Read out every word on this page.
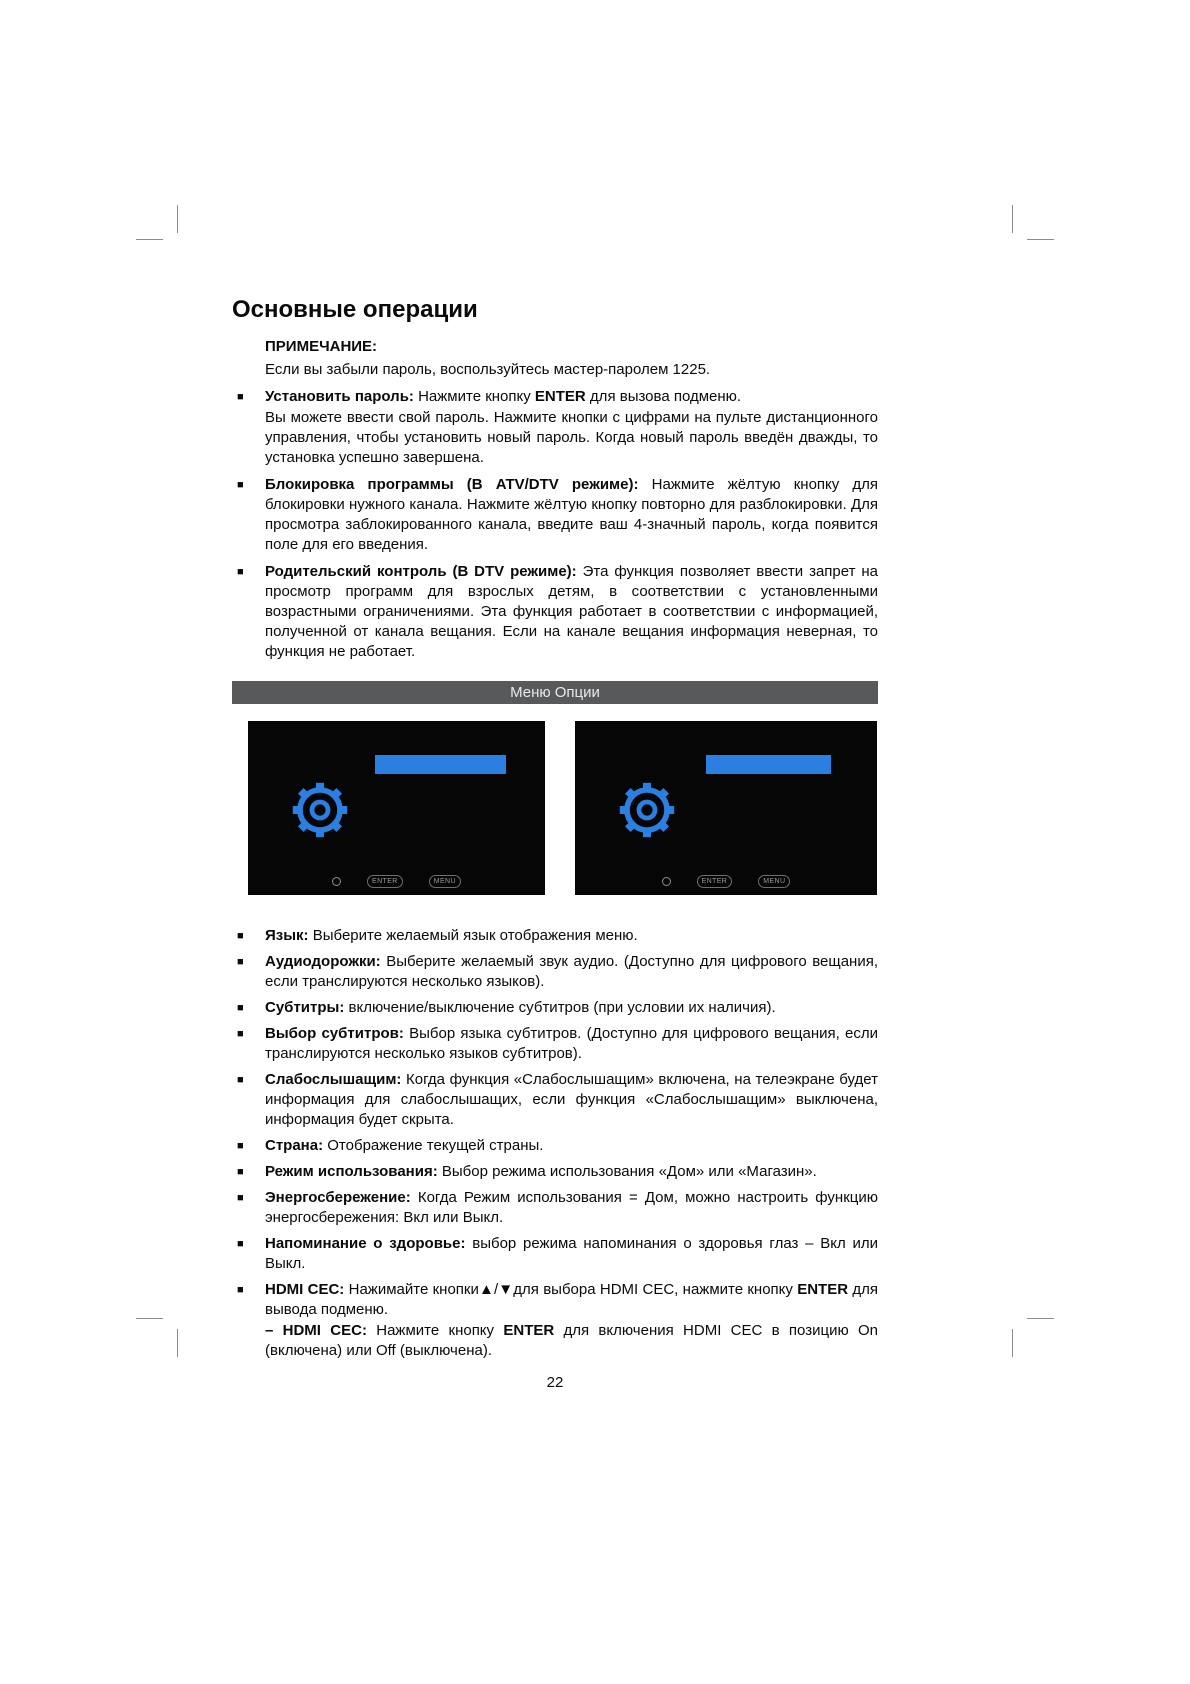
Основные операции
ПРИМЕЧАНИЕ:
Если вы забыли пароль, воспользуйтесь мастер-паролем 1225.
■	Установить пароль: Нажмите кнопку ENTER для вызова подменю.
Вы можете ввести свой пароль. Нажмите кнопки с цифрами на пульте дистанционного управления, чтобы установить новый пароль. Когда новый пароль введён дважды, то установка успешно завершена.
■	Блокировка программы (В ATV/DTV режиме): Нажмите жёлтую кнопку для блокировки нужного канала. Нажмите жёлтую кнопку повторно для разблокировки. Для просмотра заблокированного канала, введите ваш 4-значный пароль, когда появится поле для его введения.
■	Родительский контроль (В DTV режиме): Эта функция позволяет ввести запрет на просмотр программ для взрослых детям, в соответствии с установленными возрастными ограничениями. Эта функция работает в соответствии с информацией, полученной от канала вещания. Если на канале вещания информация неверная, то функция не работает.
Меню Опции
ENTER	MENU	ENTER	MENU
■	Язык: Выберите желаемый язык отображения меню.
■	Аудиодорожки: Выберите желаемый звук аудио. (Доступно для цифрового вещания, если транслируются несколько языков).
■	Субтитры: включение/выключение субтитров (при условии их наличия).
■	Выбор субтитров: Выбор языка субтитров. (Доступно для цифрового вещания, если транслируются несколько языков субтитров).
■	Слабослышащим: Когда функция «Слабослышащим» включена, на телеэкране будет информация для слабослышащих, если функция «Слабослышащим» выключена, информация будет скрыта.
■	Страна: Отображение текущей страны.
■	Режим использования: Выбор режима использования «Дом» или «Магазин».
■	Энергосбережение: Когда Режим использования = Дом, можно настроить функцию энергосбережения: Вкл или Выкл.
■	Напоминание о здоровье: выбор режима напоминания о здоровья глаз – Вкл или Выкл.
■	HDMI CEC: Нажимайте кнопки▲/▼для выбора HDMI CEC, нажмите кнопку ENTER для вывода подменю.
– HDMI CEC: Нажмите кнопку ENTER для включения HDMI CEC в позицию On (включена) или Off (выключена).
22
